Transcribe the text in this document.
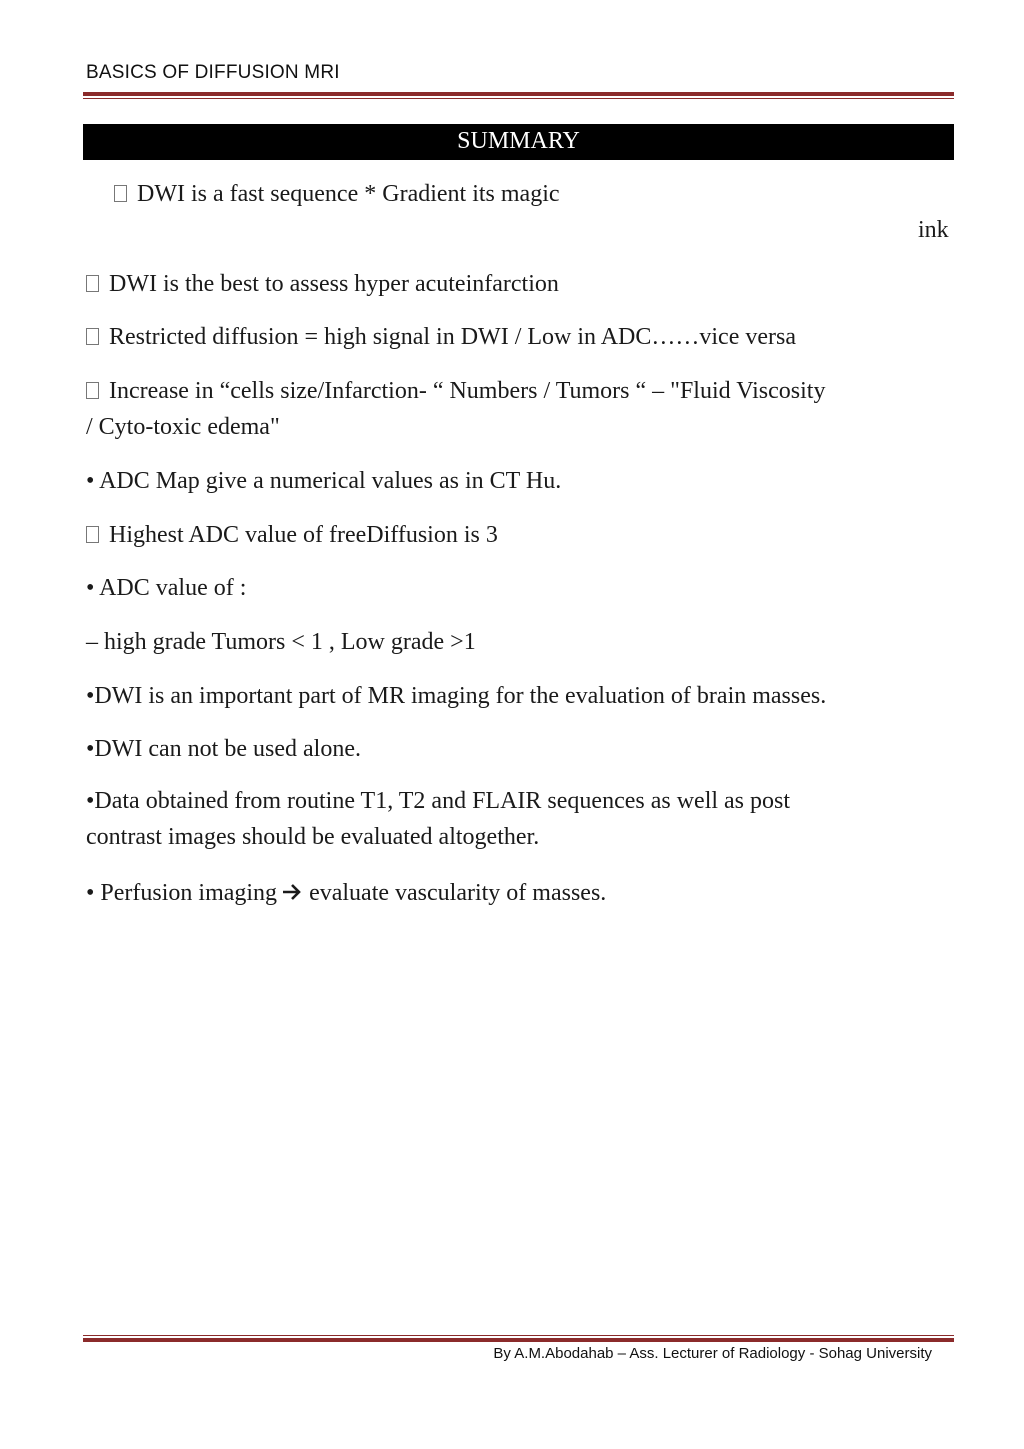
BASICS OF DIFFUSION MRI
SUMMARY
DWI is a fast sequence * Gradient its magic
ink
DWI is the best to assess hyper acuteinfarction
Restricted diffusion = high signal in DWI / Low in ADC……vice versa
Increase in “cells size/Infarction- “ Numbers / Tumors “ – "Fluid Viscosity
/ Cyto-toxic edema"
• ADC Map give a numerical values as in CT Hu.
Highest ADC value of freeDiffusion is 3
• ADC value of :
– high grade Tumors < 1 , Low grade >1
•DWI is an important part of MR imaging for the evaluation of brain masses.
•DWI can not be used alone.
•Data obtained from routine T1, T2 and FLAIR sequences as well as post
contrast images should be evaluated altogether.
• Perfusion imaging evaluate vascularity of masses.
By A.M.Abodahab – Ass. Lecturer of Radiology - Sohag University
